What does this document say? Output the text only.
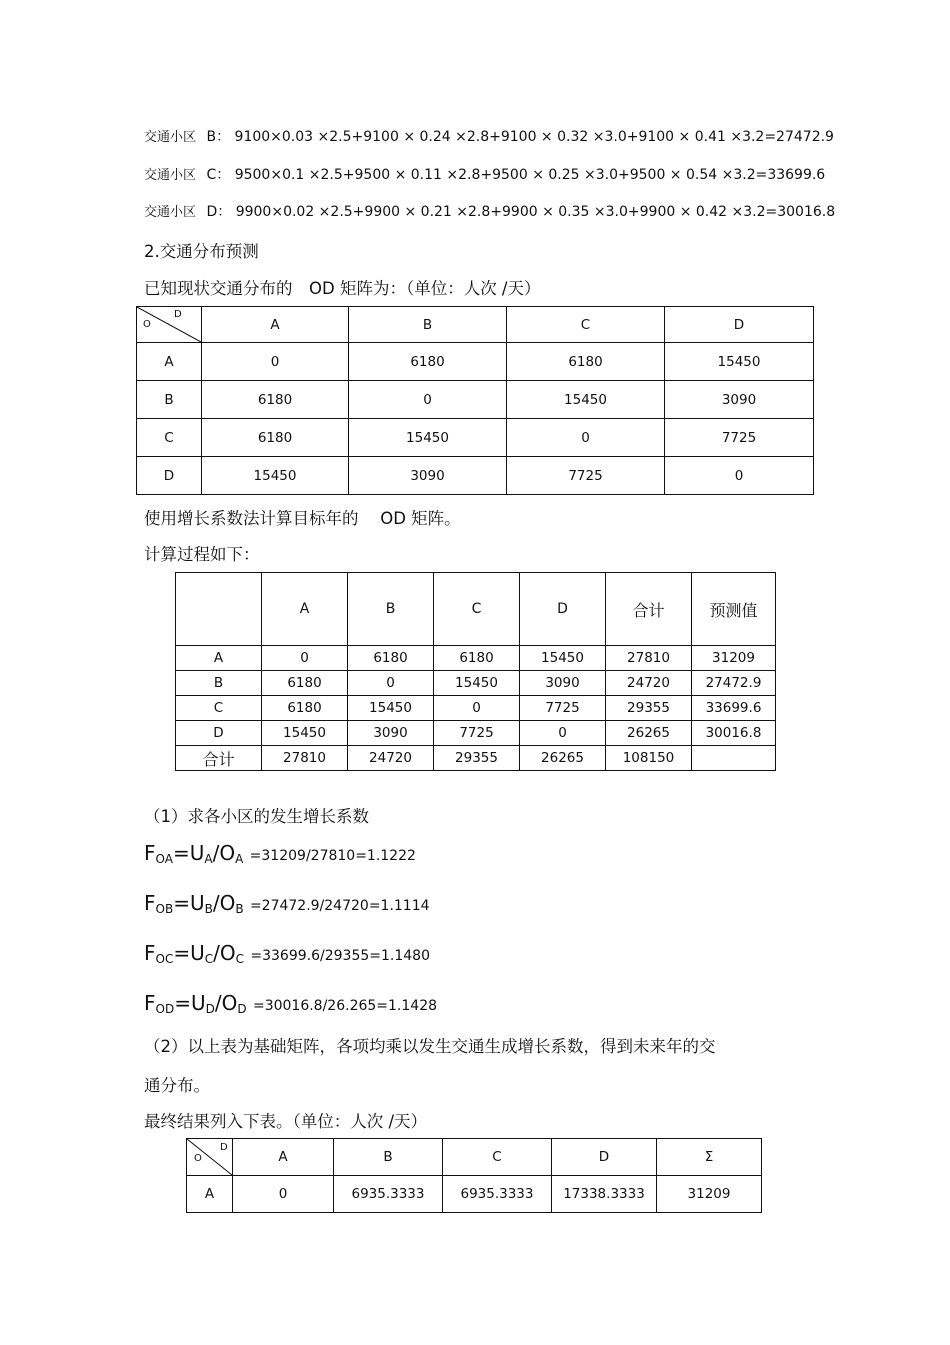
交通小区 B： 9100×0.03 ×2.5+9100 × 0.24 ×2.8+9100 × 0.32 ×3.0+9100 × 0.41 ×3.2=27472.9
交通小区 C： 9500×0.1 ×2.5+9500 × 0.11 ×2.8+9500 × 0.25 ×3.0+9500 × 0.54 ×3.2=33699.6
交通小区 D： 9900×0.02 ×2.5+9900 × 0.21 ×2.8+9900 × 0.35 ×3.0+9900 × 0.42 ×3.2=30016.8
2.交通分布预测
已知现状交通分布的　OD 矩阵为：（单位：人次 /天）
O
D	A	B	C	D
A	0	6180	6180	15450
B	6180	0	15450	3090
C	6180	15450	0	7725
D	15450	3090	7725	0
使用增长系数法计算目标年的　 OD 矩阵。
计算过程如下：
	A	B	C	D	合计	预测值
A	0	6180	6180	15450	27810	31209
B	6180	0	15450	3090	24720	27472.9
C	6180	15450	0	7725	29355	33699.6
D	15450	3090	7725	0	26265	30016.8
合计	27810	24720	29355	26265	108150	
（1）求各小区的发生增长系数
$F_{OA}=U_A/O_A =31209/27810=1.1222$
$F_{OB}=U_B/O_B =27472.9/24720=1.1114$
$F_{OC}=U_C/O_C =33699.6/29355=1.1480$
$F_{OD}=U_D/O_D =30016.8/26.265=1.1428$
（2）以上表为基础矩阵，各项均乘以发生交通生成增长系数，得到未来年的交
通分布。
最终结果列入下表。（单位：人次 /天）
O
D	A	B	C	D	Σ
A	0	6935.3333	6935.3333	17338.3333	31209
